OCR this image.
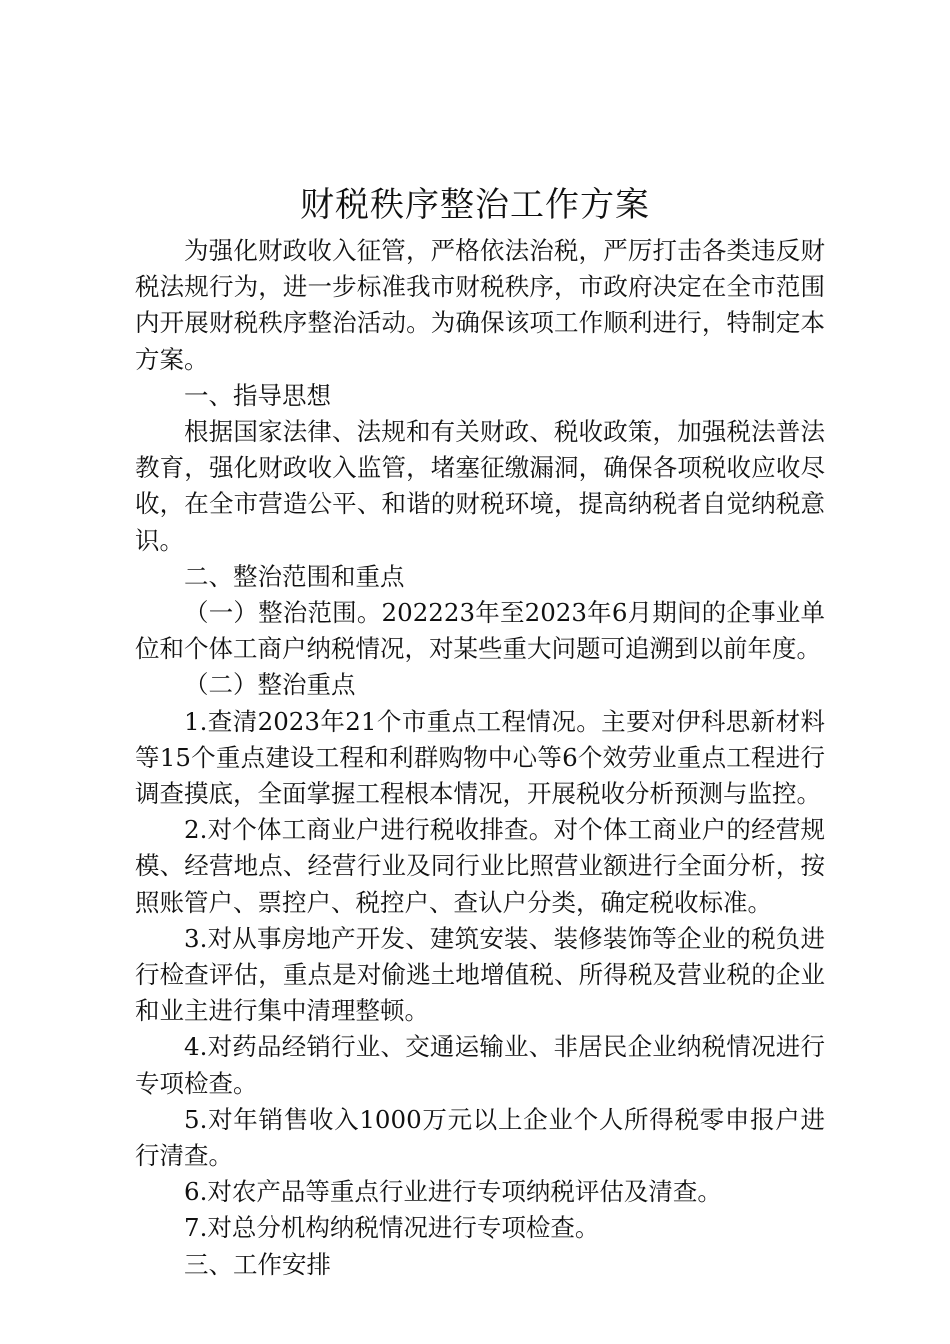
财税秩序整治工作方案

为强化财政收入征管，严格依法治税，严厉打击各类违反财税法规行为，进一步标准我市财税秩序，市政府决定在全市范围内开展财税秩序整治活动。为确保该项工作顺利进行，特制定本方案。

一、指导思想

根据国家法律、法规和有关财政、税收政策，加强税法普法教育，强化财政收入监管，堵塞征缴漏洞，确保各项税收应收尽收，在全市营造公平、和谐的财税环境，提高纳税者自觉纳税意识。

二、整治范围和重点

（一）整治范围。202223年至2023年6月期间的企事业单位和个体工商户纳税情况，对某些重大问题可追溯到以前年度。

（二）整治重点

1.查清2023年21个市重点工程情况。主要对伊科思新材料等15个重点建设工程和利群购物中心等6个效劳业重点工程进行调查摸底，全面掌握工程根本情况，开展税收分析预测与监控。

2.对个体工商业户进行税收排查。对个体工商业户的经营规模、经营地点、经营行业及同行业比照营业额进行全面分析，按照账管户、票控户、税控户、查认户分类，确定税收标准。

3.对从事房地产开发、建筑安装、装修装饰等企业的税负进行检查评估，重点是对偷逃土地增值税、所得税及营业税的企业和业主进行集中清理整顿。

4.对药品经销行业、交通运输业、非居民企业纳税情况进行专项检查。

5.对年销售收入1000万元以上企业个人所得税零申报户进行清查。

6.对农产品等重点行业进行专项纳税评估及清查。

7.对总分机构纳税情况进行专项检查。

三、工作安排
